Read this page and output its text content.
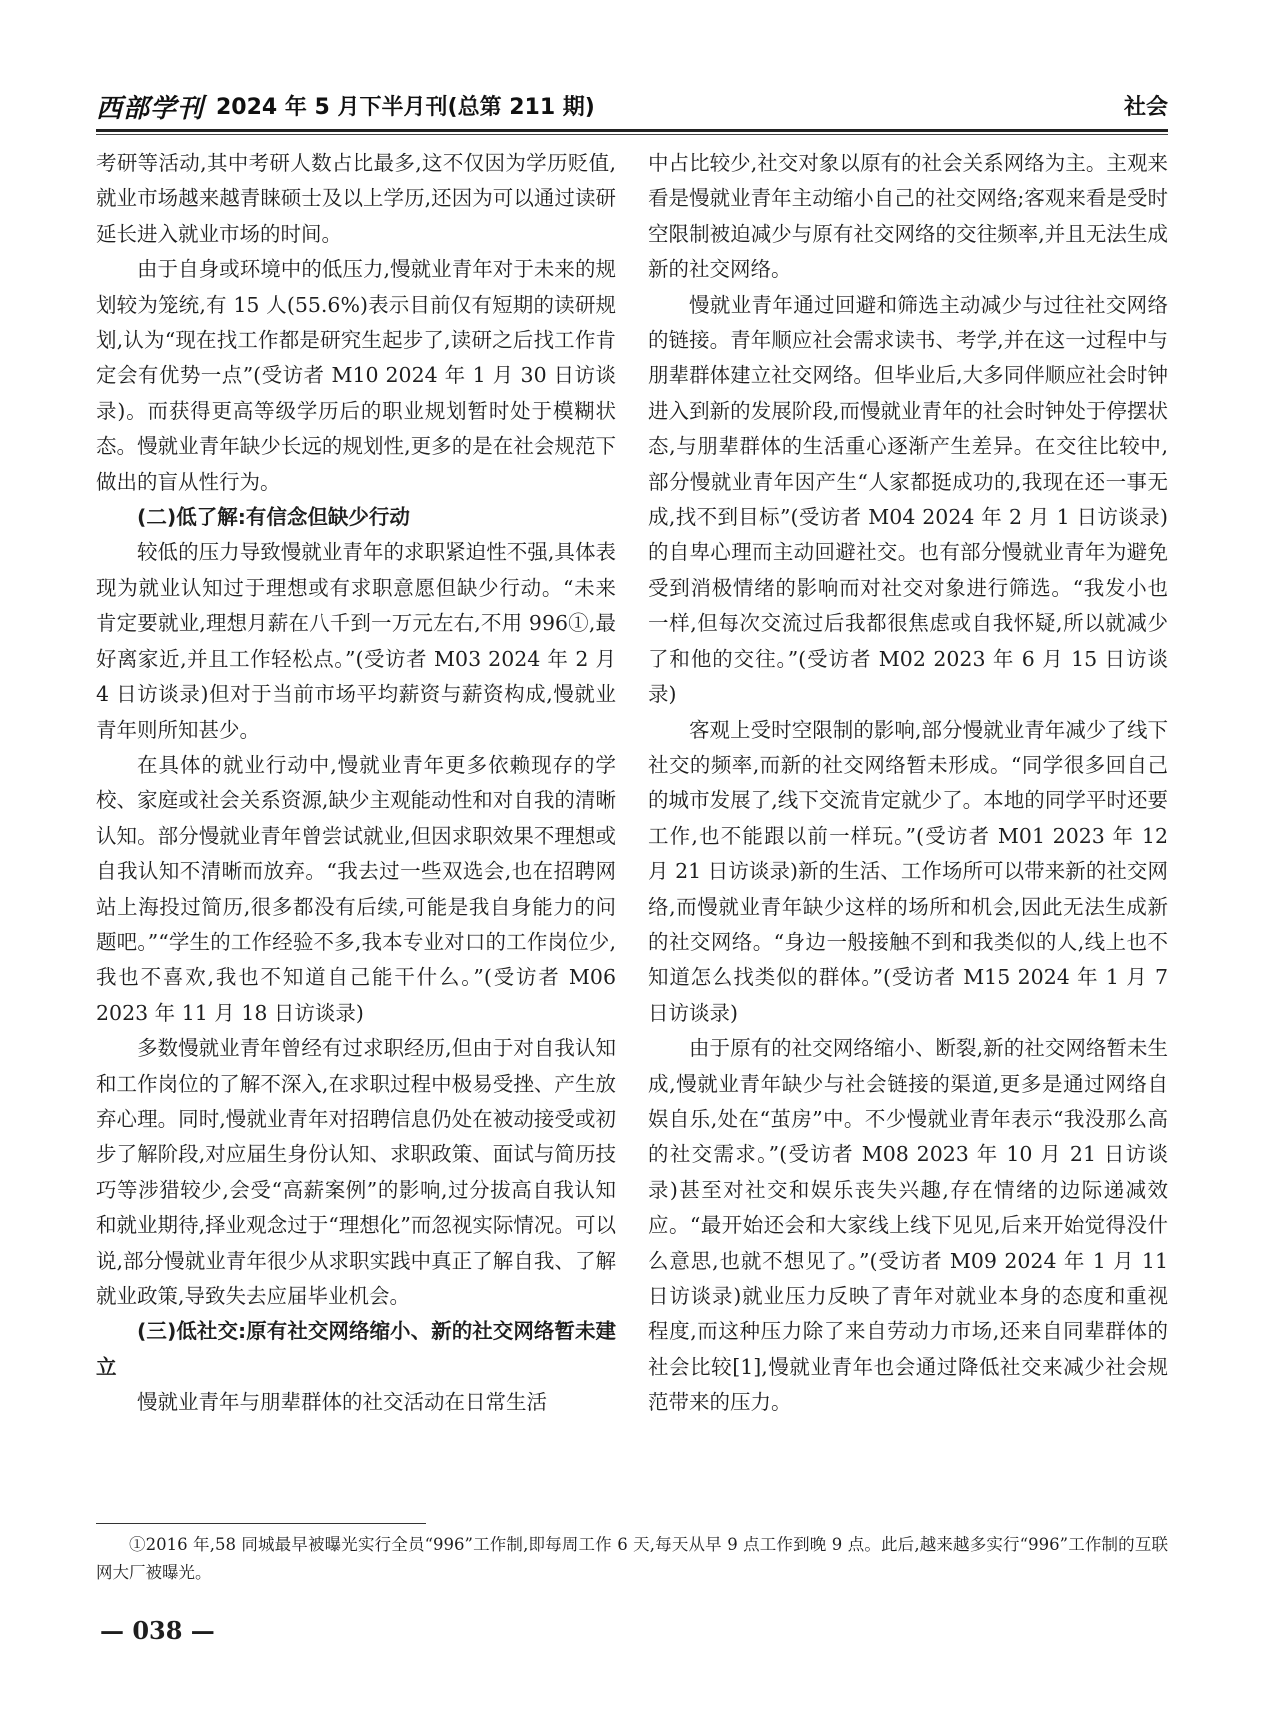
西部学刊 2024 年 5 月下半月刊(总第 211 期)	社会

考研等活动,其中考研人数占比最多,这不仅因为学历贬值,就业市场越来越青睐硕士及以上学历,还因为可以通过读研延长进入就业市场的时间。

由于自身或环境中的低压力,慢就业青年对于未来的规划较为笼统,有 15 人(55.6%)表示目前仅有短期的读研规划,认为“现在找工作都是研究生起步了,读研之后找工作肯定会有优势一点”(受访者 M10 2024 年 1 月 30 日访谈录)。而获得更高等级学历后的职业规划暂时处于模糊状态。慢就业青年缺少长远的规划性,更多的是在社会规范下做出的盲从性行为。

(二)低了解:有信念但缺少行动

较低的压力导致慢就业青年的求职紧迫性不强,具体表现为就业认知过于理想或有求职意愿但缺少行动。“未来肯定要就业,理想月薪在八千到一万元左右,不用 996①,最好离家近,并且工作轻松点。”(受访者 M03 2024 年 2 月 4 日访谈录)但对于当前市场平均薪资与薪资构成,慢就业青年则所知甚少。

在具体的就业行动中,慢就业青年更多依赖现存的学校、家庭或社会关系资源,缺少主观能动性和对自我的清晰认知。部分慢就业青年曾尝试就业,但因求职效果不理想或自我认知不清晰而放弃。“我去过一些双选会,也在招聘网站上海投过简历,很多都没有后续,可能是我自身能力的问题吧。”“学生的工作经验不多,我本专业对口的工作岗位少,我也不喜欢,我也不知道自己能干什么。”(受访者 M06 2023 年 11 月 18 日访谈录)

多数慢就业青年曾经有过求职经历,但由于对自我认知和工作岗位的了解不深入,在求职过程中极易受挫、产生放弃心理。同时,慢就业青年对招聘信息仍处在被动接受或初步了解阶段,对应届生身份认知、求职政策、面试与简历技巧等涉猎较少,会受“高薪案例”的影响,过分拔高自我认知和就业期待,择业观念过于“理想化”而忽视实际情况。可以说,部分慢就业青年很少从求职实践中真正了解自我、了解就业政策,导致失去应届毕业机会。

(三)低社交:原有社交网络缩小、新的社交网络暂未建立

慢就业青年与朋辈群体的社交活动在日常生活

中占比较少,社交对象以原有的社会关系网络为主。主观来看是慢就业青年主动缩小自己的社交网络;客观来看是受时空限制被迫减少与原有社交网络的交往频率,并且无法生成新的社交网络。

慢就业青年通过回避和筛选主动减少与过往社交网络的链接。青年顺应社会需求读书、考学,并在这一过程中与朋辈群体建立社交网络。但毕业后,大多同伴顺应社会时钟进入到新的发展阶段,而慢就业青年的社会时钟处于停摆状态,与朋辈群体的生活重心逐渐产生差异。在交往比较中,部分慢就业青年因产生“人家都挺成功的,我现在还一事无成,找不到目标”(受访者 M04 2024 年 2 月 1 日访谈录)的自卑心理而主动回避社交。也有部分慢就业青年为避免受到消极情绪的影响而对社交对象进行筛选。“我发小也一样,但每次交流过后我都很焦虑或自我怀疑,所以就减少了和他的交往。”(受访者 M02 2023 年 6 月 15 日访谈录)

客观上受时空限制的影响,部分慢就业青年减少了线下社交的频率,而新的社交网络暂未形成。“同学很多回自己的城市发展了,线下交流肯定就少了。本地的同学平时还要工作,也不能跟以前一样玩。”(受访者 M01 2023 年 12 月 21 日访谈录)新的生活、工作场所可以带来新的社交网络,而慢就业青年缺少这样的场所和机会,因此无法生成新的社交网络。“身边一般接触不到和我类似的人,线上也不知道怎么找类似的群体。”(受访者 M15 2024 年 1 月 7 日访谈录)

由于原有的社交网络缩小、断裂,新的社交网络暂未生成,慢就业青年缺少与社会链接的渠道,更多是通过网络自娱自乐,处在“茧房”中。不少慢就业青年表示“我没那么高的社交需求。”(受访者 M08 2023 年 10 月 21 日访谈录)甚至对社交和娱乐丧失兴趣,存在情绪的边际递减效应。“最开始还会和大家线上线下见见,后来开始觉得没什么意思,也就不想见了。”(受访者 M09 2024 年 1 月 11 日访谈录)就业压力反映了青年对就业本身的态度和重视程度,而这种压力除了来自劳动力市场,还来自同辈群体的社会比较[1],慢就业青年也会通过降低社交来减少社会规范带来的压力。

①2016 年,58 同城最早被曝光实行全员“996”工作制,即每周工作 6 天,每天从早 9 点工作到晚 9 点。此后,越来越多实行“996”工作制的互联网大厂被曝光。
— 038 —
